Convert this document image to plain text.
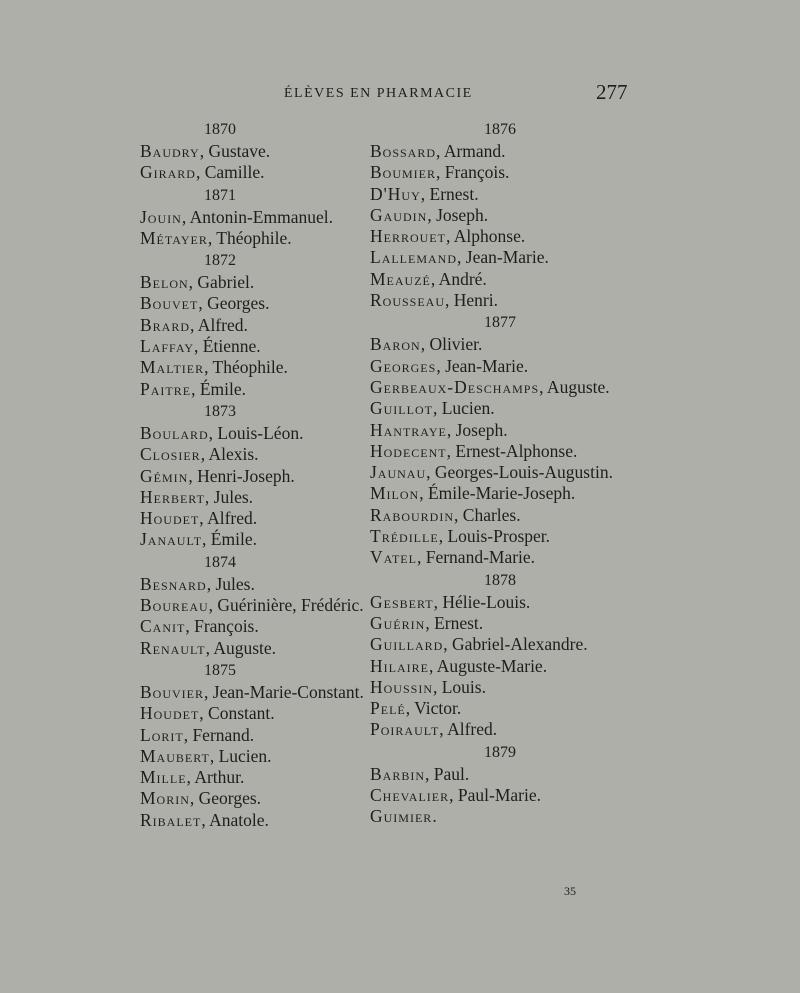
ÉLÈVES EN PHARMACIE	277
1870
Baudry, Gustave.
Girard, Camille.
1871
Jouin, Antonin-Emmanuel.
Métayer, Théophile.
1872
Belon, Gabriel.
Bouvet, Georges.
Brard, Alfred.
Laffay, Étienne.
Maltier, Théophile.
Paitre, Émile.
1873
Boulard, Louis-Léon.
Closier, Alexis.
Gémin, Henri-Joseph.
Herbert, Jules.
Houdet, Alfred.
Janault, Émile.
1874
Besnard, Jules.
Boureau, Guérinière, Frédéric.
Canit, François.
Renault, Auguste.
1875
Bouvier, Jean-Marie-Constant.
Houdet, Constant.
Lorit, Fernand.
Maubert, Lucien.
Mille, Arthur.
Morin, Georges.
Ribalet, Anatole.
1876
Bossard, Armand.
Boumier, François.
D'Huy, Ernest.
Gaudin, Joseph.
Herrouet, Alphonse.
Lallemand, Jean-Marie.
Meauzé, André.
Rousseau, Henri.
1877
Baron, Olivier.
Georges, Jean-Marie.
Gerbeaux-Deschamps, Auguste.
Guillot, Lucien.
Hantraye, Joseph.
Hodecent, Ernest-Alphonse.
Jaunau, Georges-Louis-Augustin.
Milon, Émile-Marie-Joseph.
Rabourdin, Charles.
Trédille, Louis-Prosper.
Vatel, Fernand-Marie.
1878
Gesbert, Hélie-Louis.
Guérin, Ernest.
Guillard, Gabriel-Alexandre.
Hilaire, Auguste-Marie.
Houssin, Louis.
Pelé, Victor.
Poirault, Alfred.
1879
Barbin, Paul.
Chevalier, Paul-Marie.
Guimier.
35
